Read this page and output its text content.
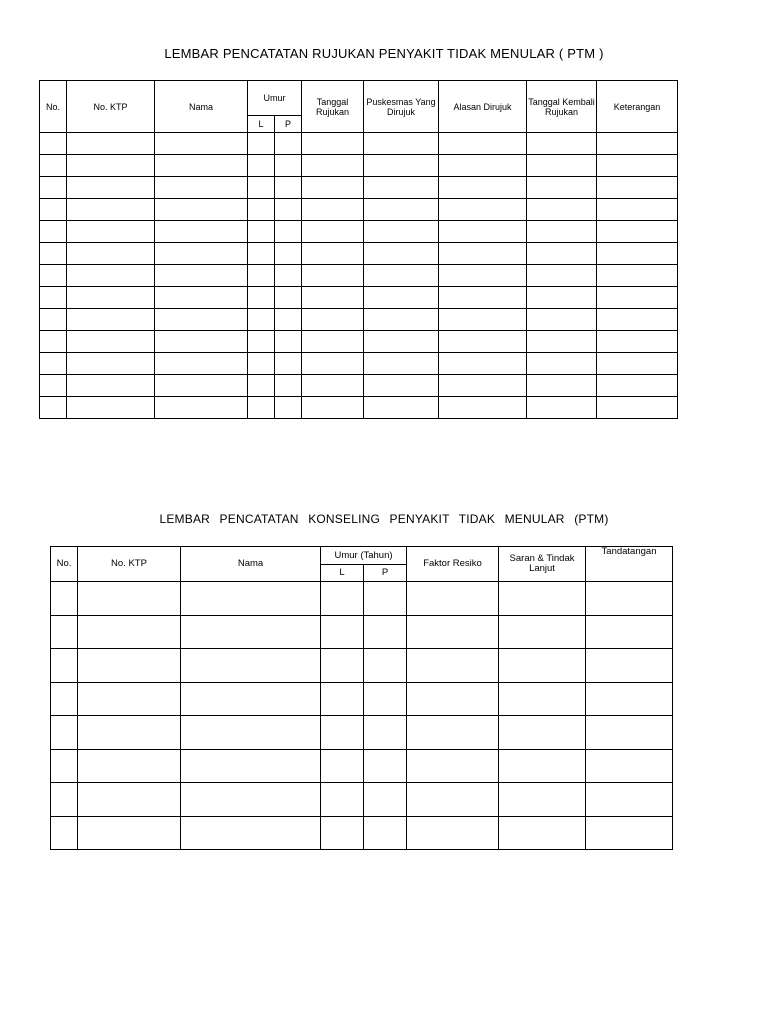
LEMBAR PENCATATAN RUJUKAN PENYAKIT TIDAK MENULAR ( PTM )
No.	No. KTP	Nama	Umur		Tanggal Rujukan	Puskesmas Yang Dirujuk	Alasan Dirujuk	Tanggal Kembali Rujukan	Keterangan
			L	P					

LEMBAR PENCATATAN KONSELING PENYAKIT TIDAK MENULAR (PTM)
No.	No. KTP	Nama	Umur (Tahun)		Faktor Resiko	Saran & Tindak Lanjut	Tandatangan
			L	P			
